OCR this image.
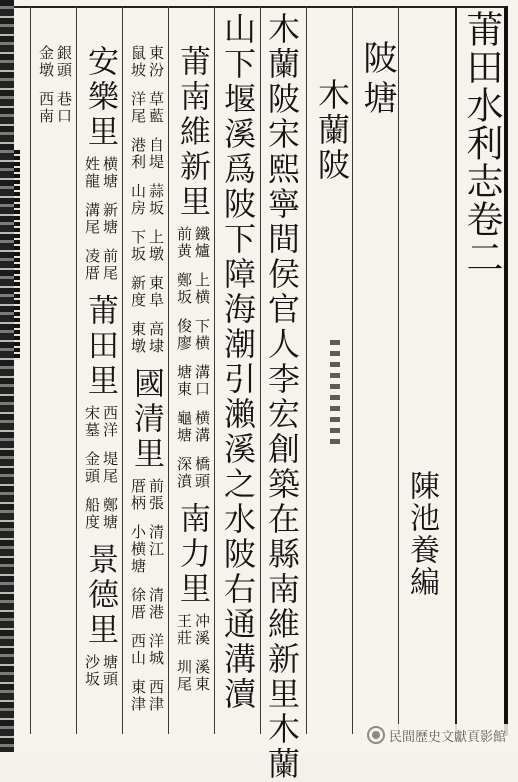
莆田水利志卷二
陂塘
陳池養編
木蘭陂
木蘭陂宋熙寧間侯官人李宏創築在縣南維新里木蘭
山下堰溪爲陂下障海潮引瀨溪之水陂右通溝瀆
莆南維新里
鐵爐
前黄
上横
鄭坂
下横
俊廖
溝口
塘東
横溝
龜塘
橋頭
深濆
南力里
冲溪
王莊
溪東
圳尾
東汾
鼠坡
草藍
洋尾
自堤
港利
蒜坂
山房
上墩
下坂
東阜
新度
高埭
東墩
國清里
前張
厝柄
清江
小横塘
清港
徐厝
洋城
西山
西津
東津
安樂里
横塘
姓龍
新塘
溝尾
前尾
凌厝
莆田里
西洋
宋墓
堤尾
金頭
鄭塘
船度
景德里
塘頭
沙坂
銀頭
金墩
巷口
西南
民間歷史文獻頁影館
